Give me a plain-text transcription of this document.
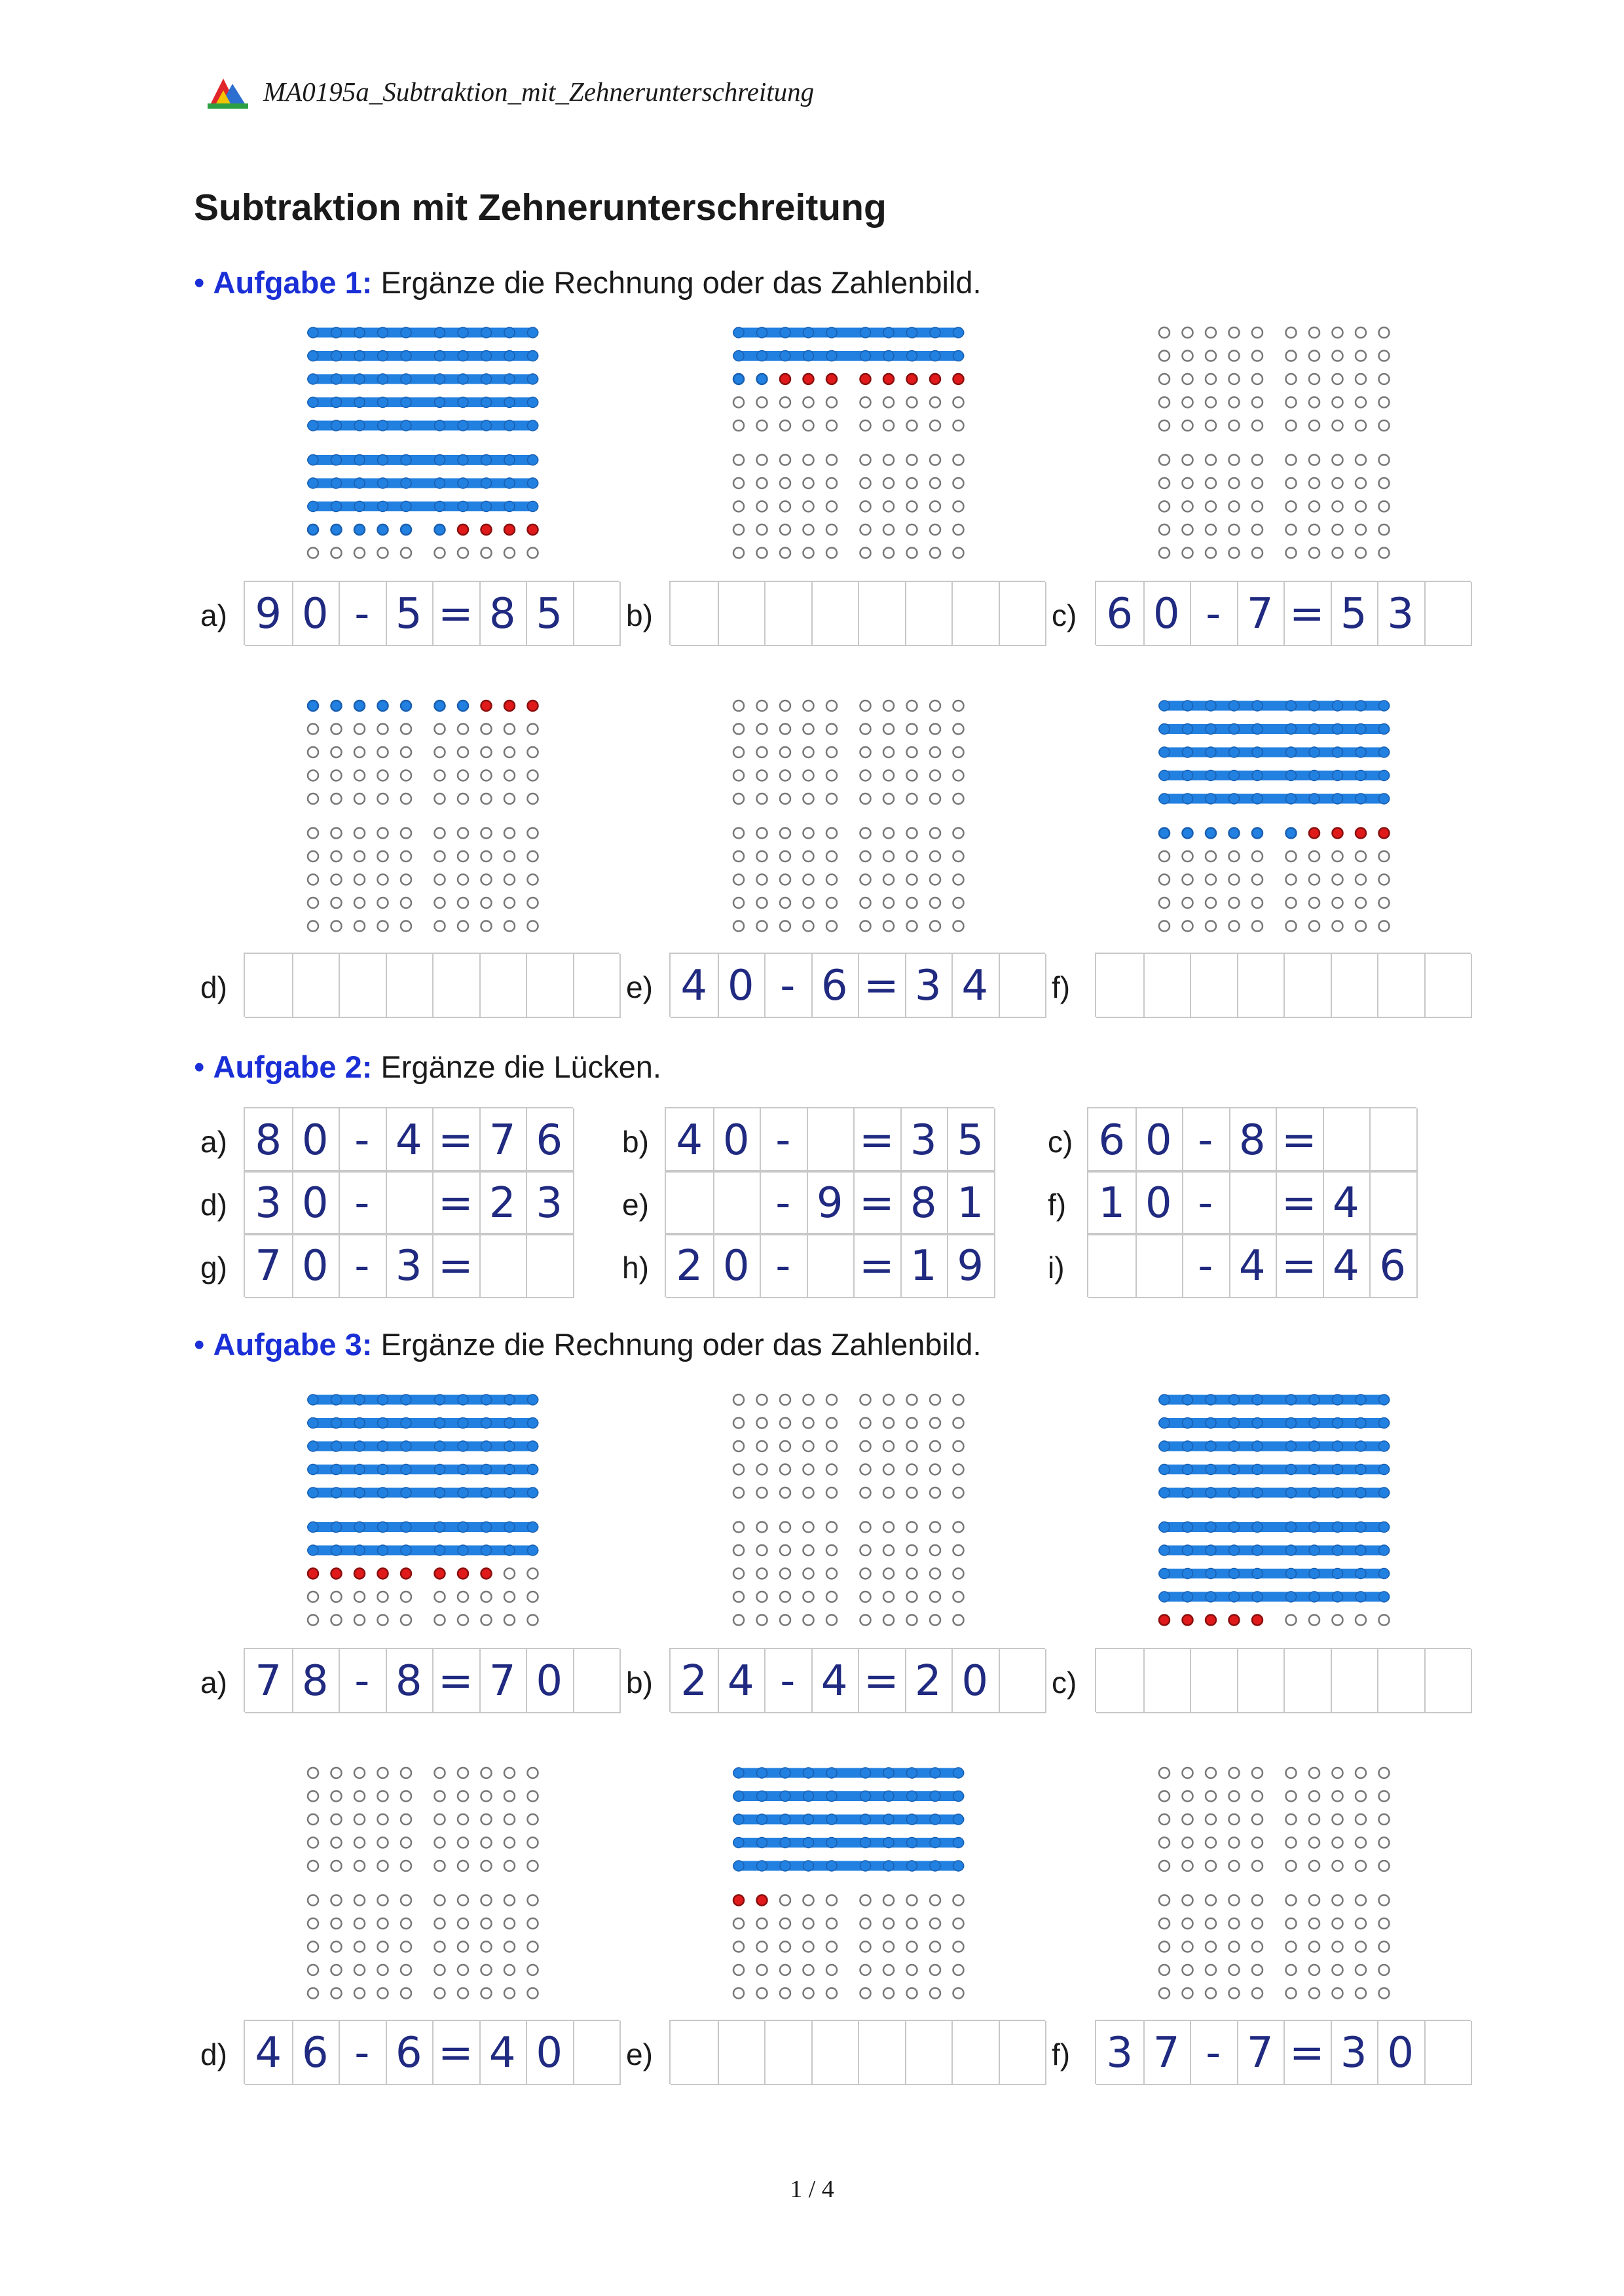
MA0195a_Subtraktion_mit_Zehnerunterschreitung
Subtraktion mit Zehnerunterschreitung
• Aufgabe 1: Ergänze die Rechnung oder das Zahlenbild.
• Aufgabe 2: Ergänze die Lücken.
• Aufgabe 3: Ergänze die Rechnung oder das Zahlenbild.
a) 9 0 - 5 = 8 5	b)	c) 6 0 - 7 = 5 3
d)	e) 4 0 - 6 = 3 4	f)
a) 7 8 - 8 = 7 0	b) 2 4 - 4 = 2 0	c)
d) 4 6 - 6 = 4 0	e)	f) 3 7 - 7 = 3 0
a) 8 0 - 4 = 7 6	b) 4 0 -	= 3 5	c) 6 0 - 8 =
d) 3 0 -	= 2 3	e)	- 9 = 8 1	f) 1 0 -	= 4
g) 7 0 - 3 =	h) 2 0 -	= 1 9	i)	- 4 = 4 6
1 / 4
